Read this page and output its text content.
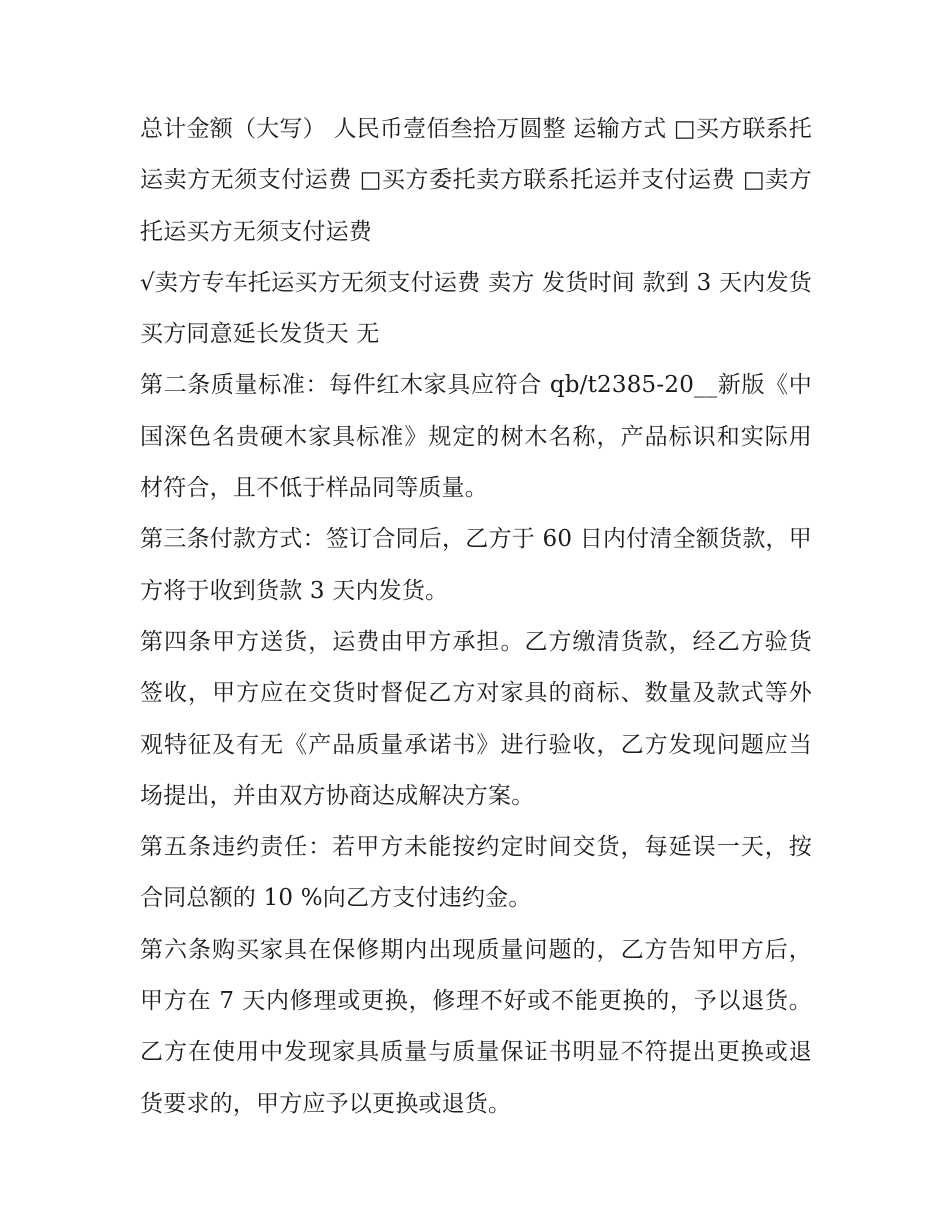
总计金额（大写） 人民币壹佰叁拾万圆整 运输方式 □买方联系托运卖方无须支付运费 □买方委托卖方联系托运并支付运费 □卖方托运买方无须支付运费

√卖方专车托运买方无须支付运费 卖方 发货时间 款到 3 天内发货 买方同意延长发货天 无

第二条质量标准：每件红木家具应符合 qb/t2385-20__新版《中国深色名贵硬木家具标准》规定的树木名称，产品标识和实际用材符合，且不低于样品同等质量。

第三条付款方式：签订合同后，乙方于 60 日内付清全额货款，甲方将于收到货款 3 天内发货。

第四条甲方送货，运费由甲方承担。乙方缴清货款，经乙方验货签收，甲方应在交货时督促乙方对家具的商标、数量及款式等外观特征及有无《产品质量承诺书》进行验收，乙方发现问题应当场提出，并由双方协商达成解决方案。

第五条违约责任：若甲方未能按约定时间交货，每延误一天，按合同总额的 10 %向乙方支付违约金。

第六条购买家具在保修期内出现质量问题的，乙方告知甲方后，甲方在 7 天内修理或更换，修理不好或不能更换的，予以退货。乙方在使用中发现家具质量与质量保证书明显不符提出更换或退货要求的，甲方应予以更换或退货。
